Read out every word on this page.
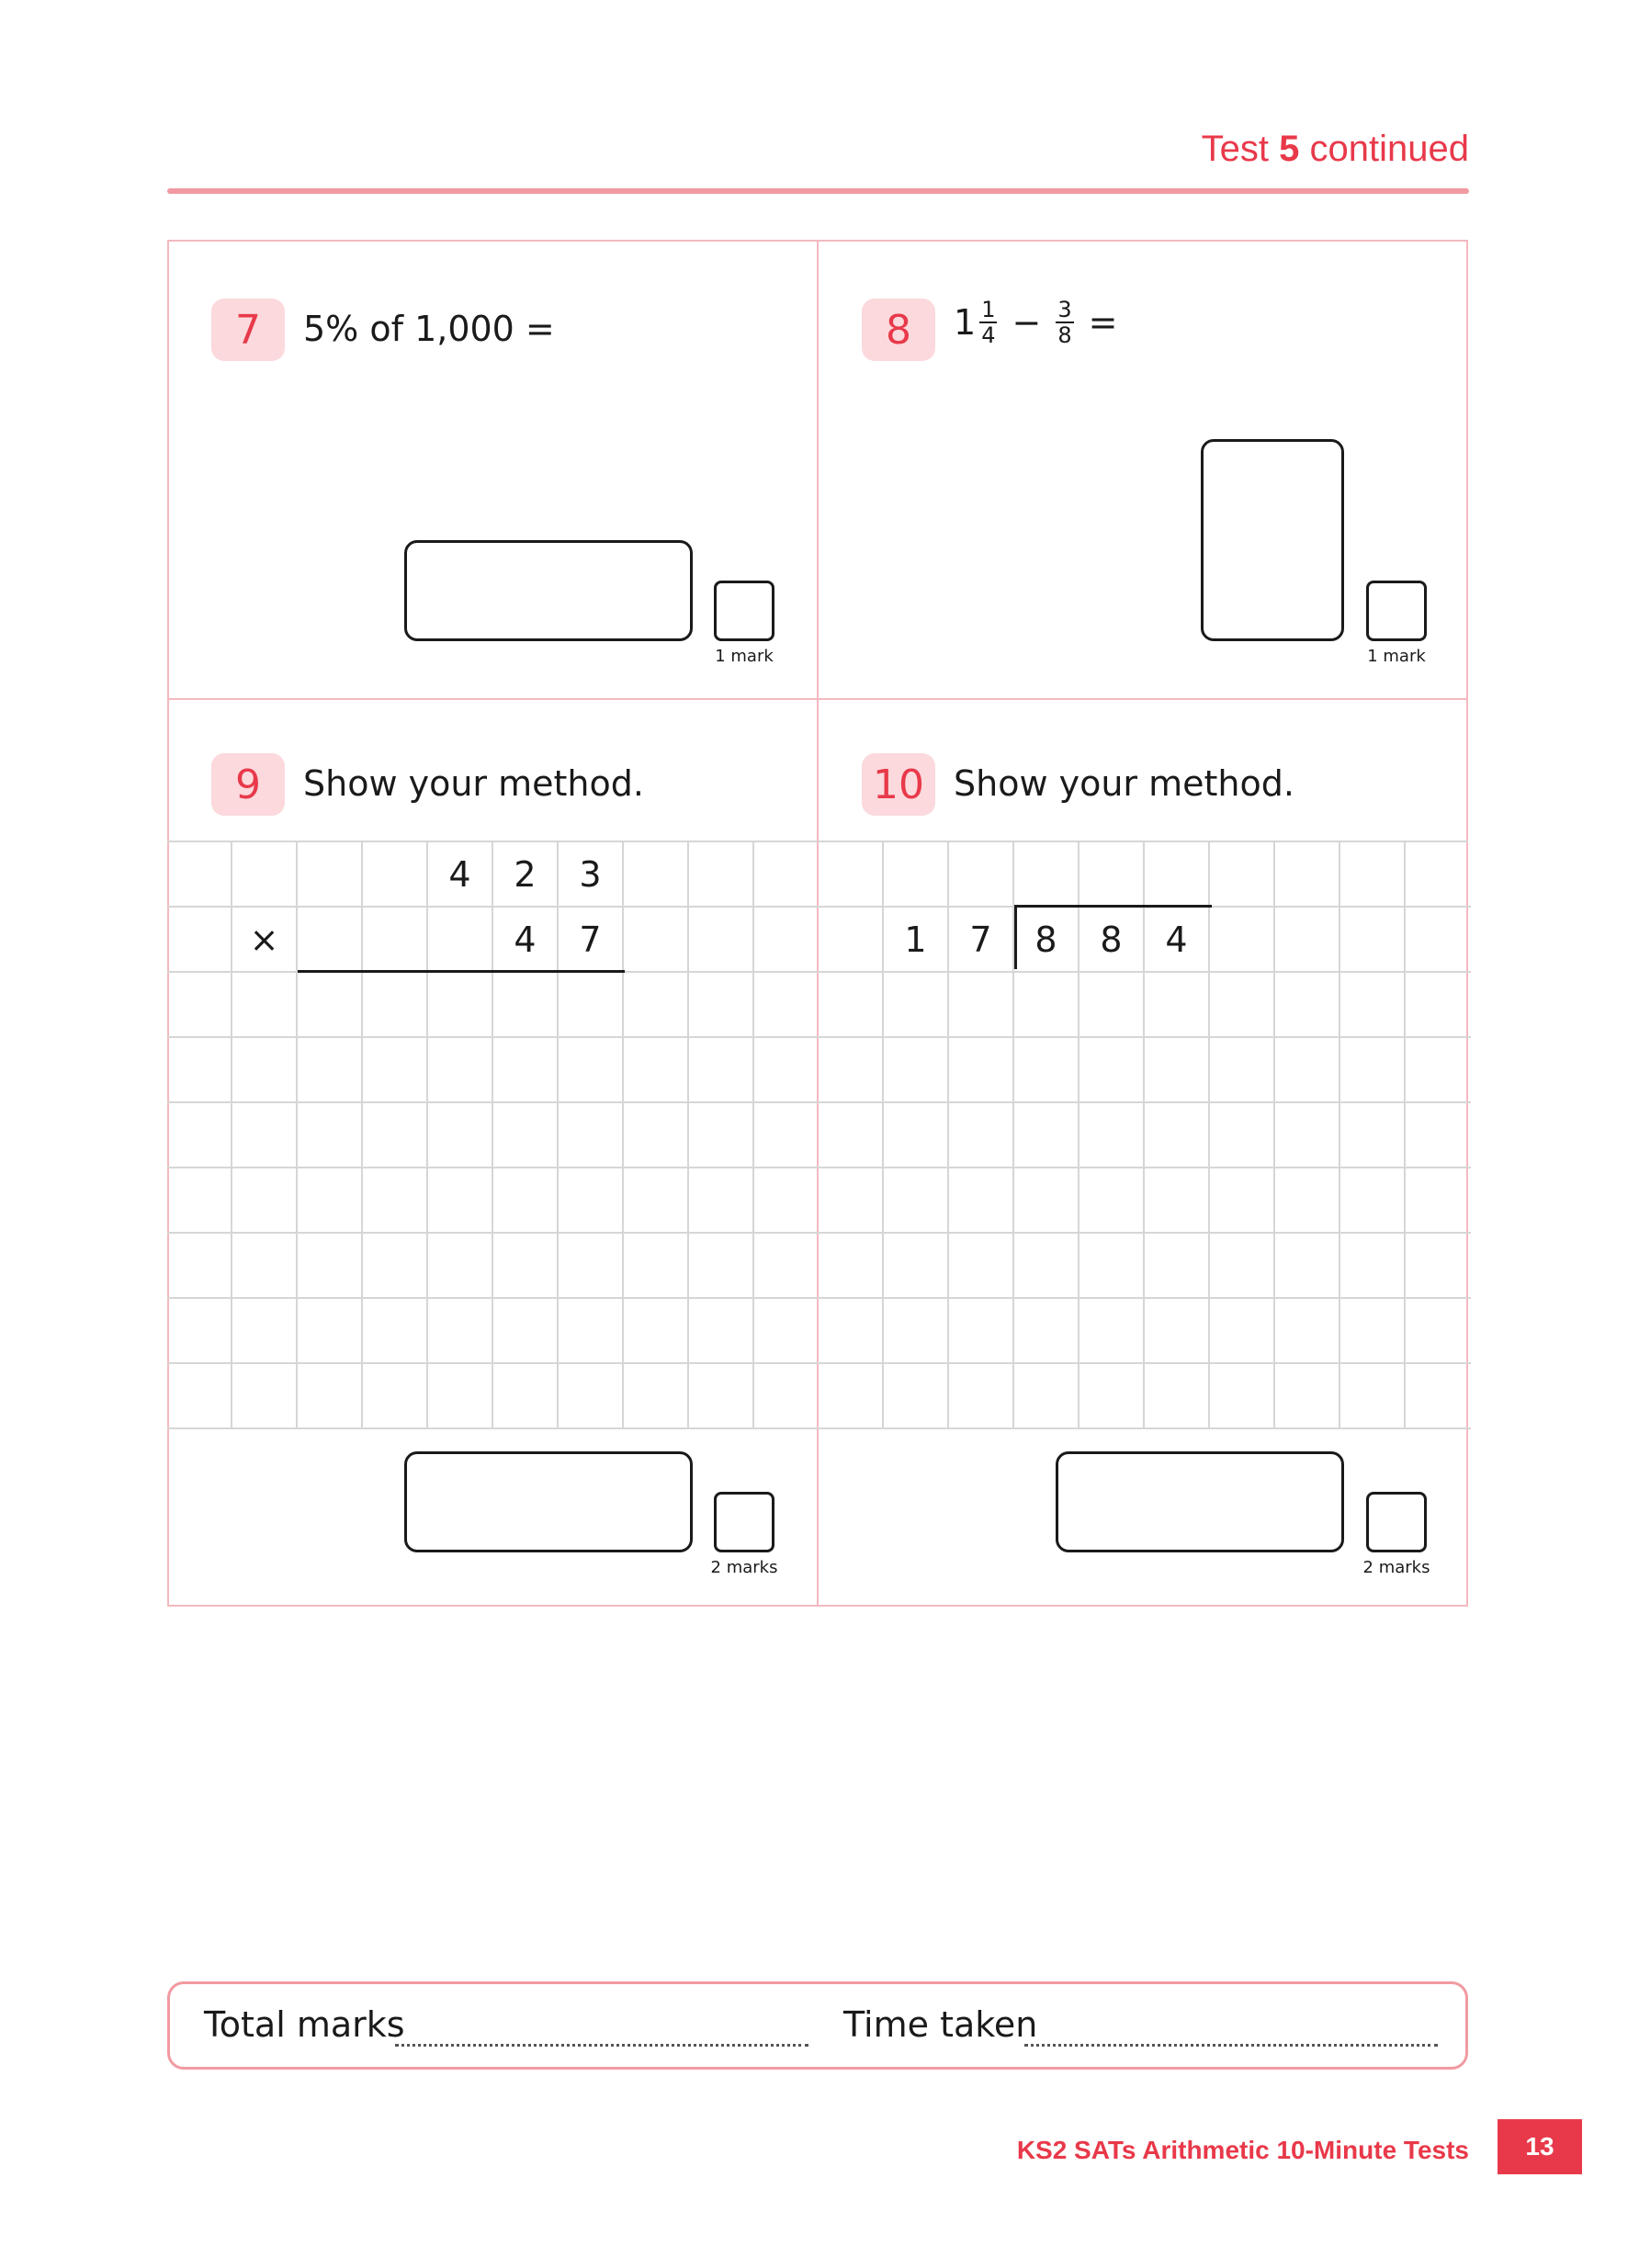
Test 5 continued
7 5% of 1,000 =
1 mark
8 $1 \frac{1}{4} - \frac{3}{8}$ =
1 mark
9 Show your method.
4	2	3
×	4	7
2 marks
10 Show your method.
1	7	8	8	4
2 marks
Total marks	Time taken
KS2 SATs Arithmetic 10-Minute Tests 13
